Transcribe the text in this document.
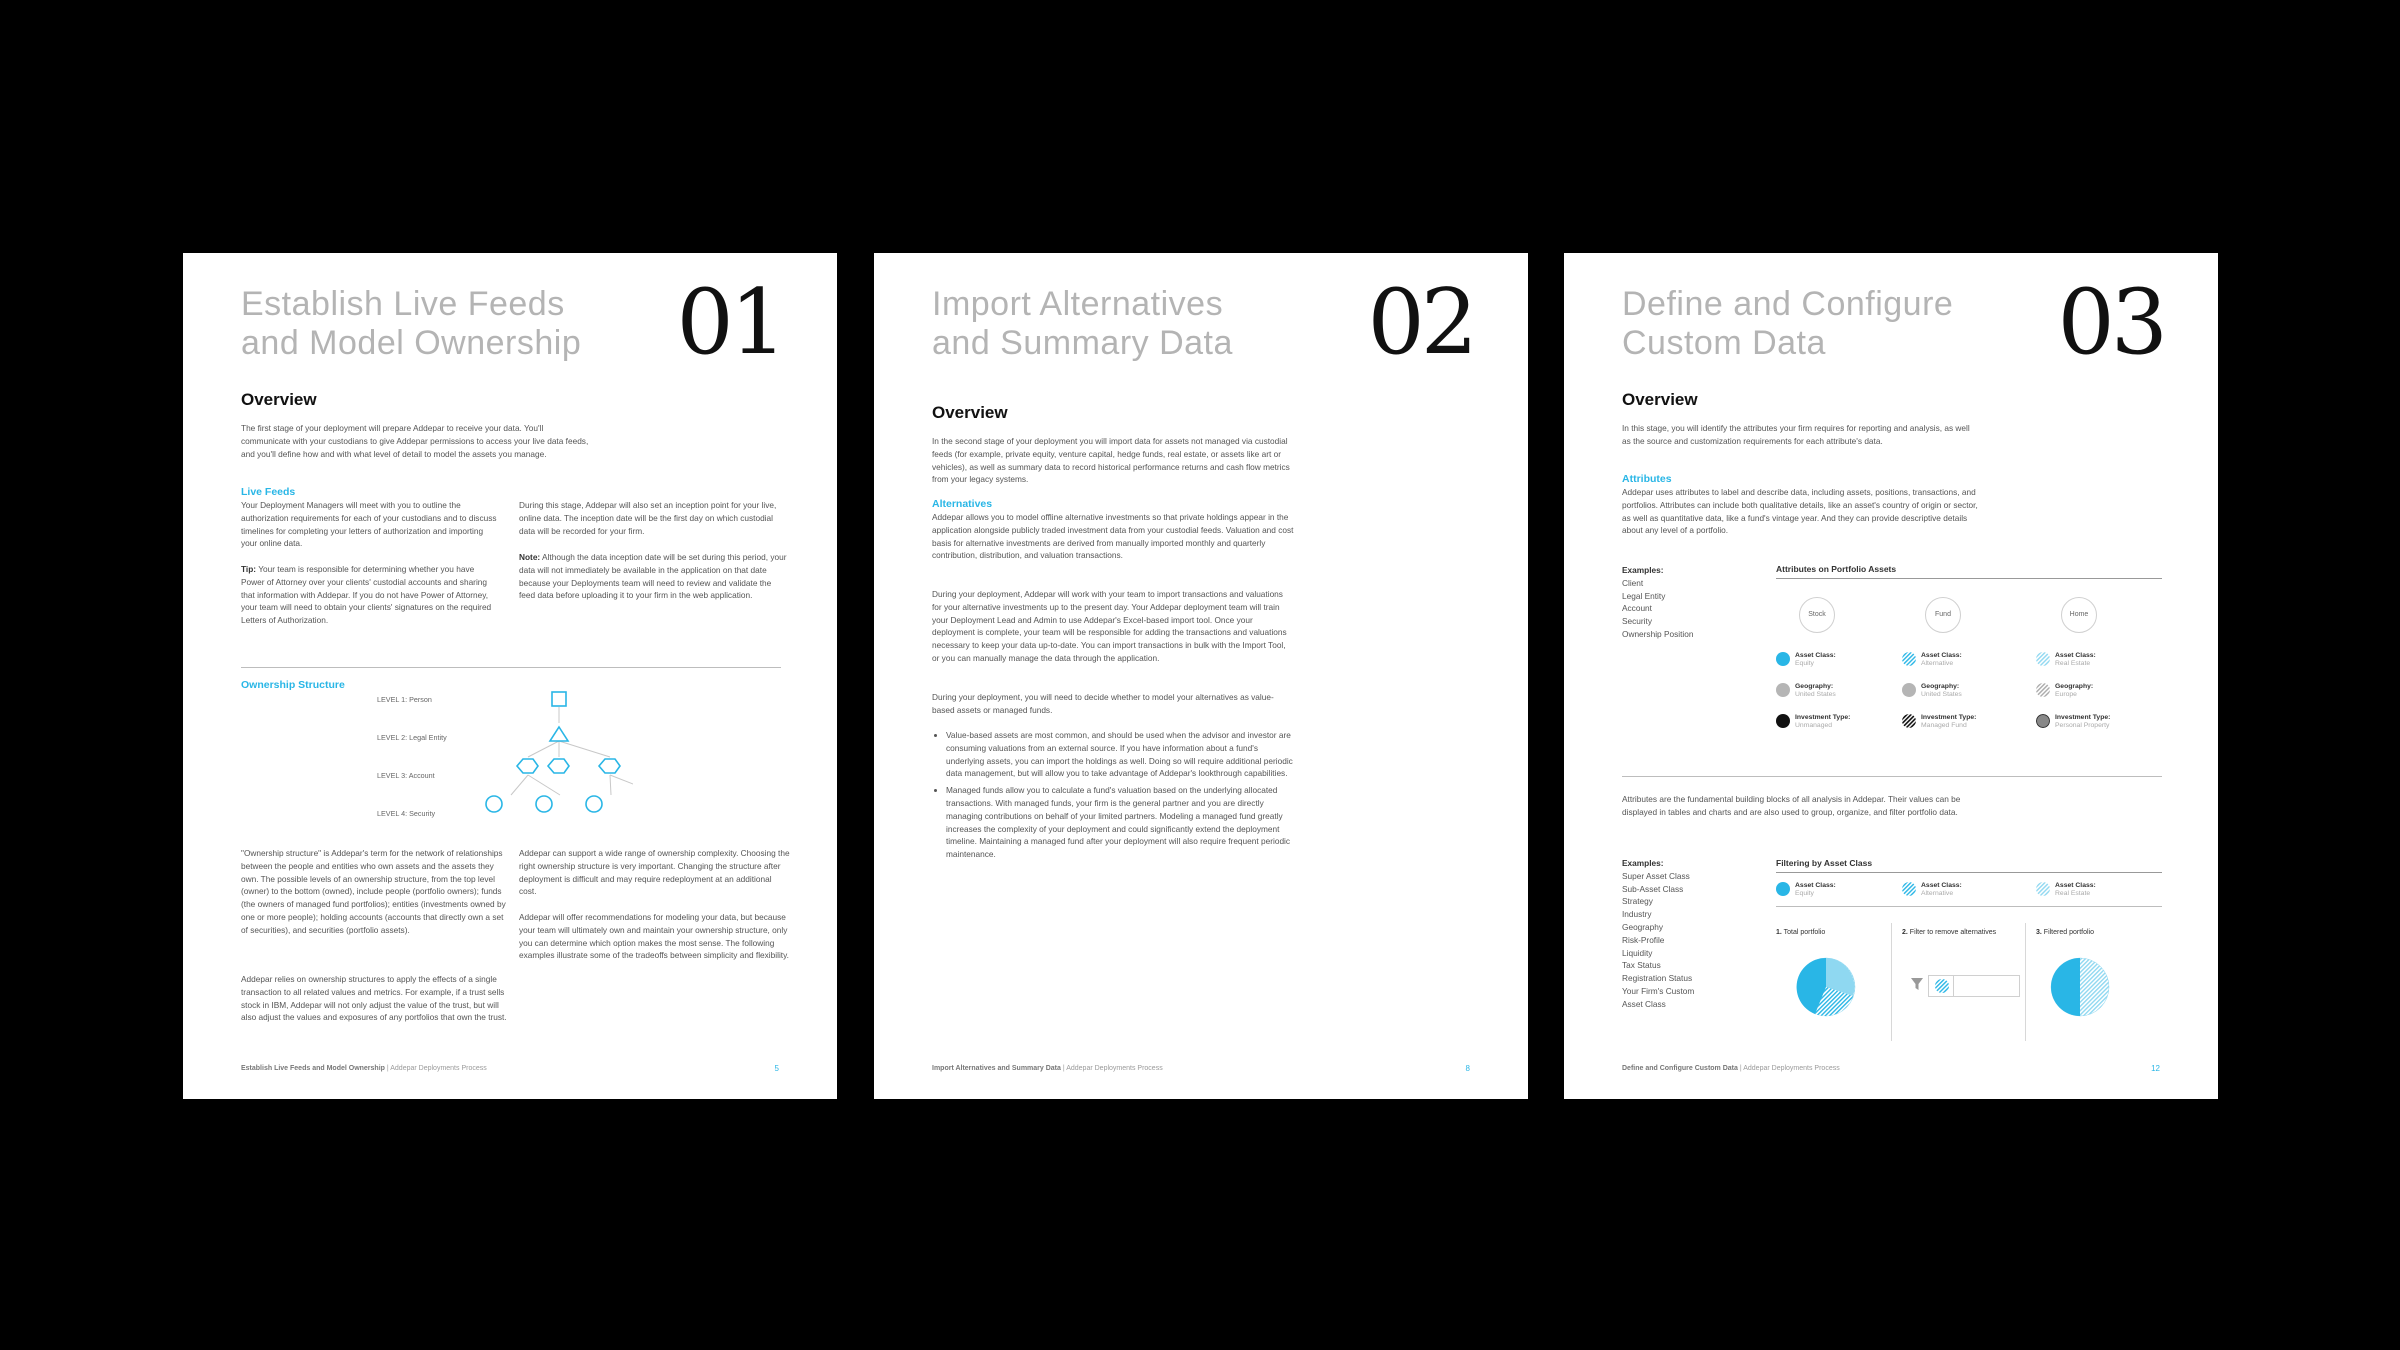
Establish Live Feeds
and Model Ownership 01
Overview

The first stage of your deployment will prepare Addepar to receive your data. You'll communicate with your custodians to give Addepar permissions to access your live data feeds, and you'll define how and with what level of detail to model the assets you manage.

Live Feeds

Your Deployment Managers will meet with you to outline the authorization requirements for each of your custodians and to discuss timelines for completing your letters of authorization and importing your online data.

Tip: Your team is responsible for determining whether you have Power of Attorney over your clients' custodial accounts and sharing that information with Addepar. If you do not have Power of Attorney, your team will need to obtain your clients' signatures on the required Letters of Authorization.

During this stage, Addepar will also set an inception point for your live, online data. The inception date will be the first day on which custodial data will be recorded for your firm.

Note: Although the data inception date will be set during this period, your data will not immediately be available in the application on that date because your Deployments team will need to review and validate the feed data before uploading it to your firm in the web application.

Ownership Structure
LEVEL 1: Person
LEVEL 2: Legal Entity
LEVEL 3: Account
LEVEL 4: Security

"Ownership structure" is Addepar's term for the network of relationships between the people and entities who own assets and the assets they own. The possible levels of an ownership structure, from the top level (owner) to the bottom (owned), include people (portfolio owners); funds (the owners of managed fund portfolios); entities (investments owned by one or more people); holding accounts (accounts that directly own a set of securities), and securities (portfolio assets).

Addepar relies on ownership structures to apply the effects of a single transaction to all related values and metrics. For example, if a trust sells stock in IBM, Addepar will not only adjust the value of the trust, but will also adjust the values and exposures of any portfolios that own the trust.

Addepar can support a wide range of ownership complexity. Choosing the right ownership structure is very important. Changing the structure after deployment is difficult and may require redeployment at an additional cost.

Addepar will offer recommendations for modeling your data, but because your team will ultimately own and maintain your ownership structure, only you can determine which option makes the most sense. The following examples illustrate some of the tradeoffs between simplicity and flexibility.

Establish Live Feeds and Model Ownership | Addepar Deployments Process	5
Import Alternatives
and Summary Data 02
Overview

In the second stage of your deployment you will import data for assets not managed via custodial feeds (for example, private equity, venture capital, hedge funds, real estate, or assets like art or vehicles), as well as summary data to record historical performance returns and cash flow metrics from your legacy systems.

Alternatives

Addepar allows you to model offline alternative investments so that private holdings appear in the application alongside publicly traded investment data from your custodial feeds. Valuation and cost basis for alternative investments are derived from manually imported monthly and quarterly contribution, distribution, and valuation transactions.

During your deployment, Addepar will work with your team to import transactions and valuations for your alternative investments up to the present day. Your Addepar deployment team will train your Deployment Lead and Admin to use Addepar's Excel-based import tool. Once your deployment is complete, your team will be responsible for adding the transactions and valuations necessary to keep your data up-to-date. You can import transactions in bulk with the Import Tool, or you can manually manage the data through the application.

During your deployment, you will need to decide whether to model your alternatives as value-based assets or managed funds.

• Value-based assets are most common, and should be used when the advisor and investor are consuming valuations from an external source. If you have information about a fund's underlying assets, you can import the holdings as well. Doing so will require additional periodic data management, but will allow you to take advantage of Addepar's lookthrough capabilities.
• Managed funds allow you to calculate a fund's valuation based on the underlying allocated transactions. With managed funds, your firm is the general partner and you are directly managing contributions on behalf of your limited partners. Modeling a managed fund greatly increases the complexity of your deployment and could significantly extend the deployment timeline. Maintaining a managed fund after your deployment will also require frequent periodic maintenance.
Import Alternatives and Summary Data | Addepar Deployments Process	8
Define and Configure
Custom Data	03
Overview

In this stage, you will identify the attributes your firm requires for reporting and analysis, as well as the source and customization requirements for each attribute's data.

Attributes

Addepar uses attributes to label and describe data, including assets, positions, transactions, and portfolios. Attributes can include both qualitative details, like an asset's country of origin or sector, as well as quantitative data, like a fund's vintage year. And they can provide descriptive details about any level of a portfolio.

Examples:
Client
Legal Entity
Account
Security
Ownership Position
Attributes on Portfolio Assets
Stock	Fund	Home
Asset Class:
Equity
Asset Class:
Alternative
Asset Class:
Real Estate
Geography:
United States
Geography:
United States
Geography:
Europe
Investment Type:
Unmanaged
Investment Type:
Managed Fund
Investment Type:
Personal Property

Attributes are the fundamental building blocks of all analysis in Addepar. Their values can be displayed in tables and charts and are also used to group, organize, and filter portfolio data.

Examples:
Super Asset Class
Sub-Asset Class
Strategy
Industry
Geography
Risk-Profile
Liquidity
Tax Status
Registration Status
Your Firm's Custom
Asset Class
Filtering by Asset Class
Asset Class:
Equity
Asset Class:
Alternative
Asset Class:
Real Estate
1. Total portfolio	2. Filter to remove alternatives	3. Filtered portfolio
Define and Configure Custom Data | Addepar Deployments Process	12
